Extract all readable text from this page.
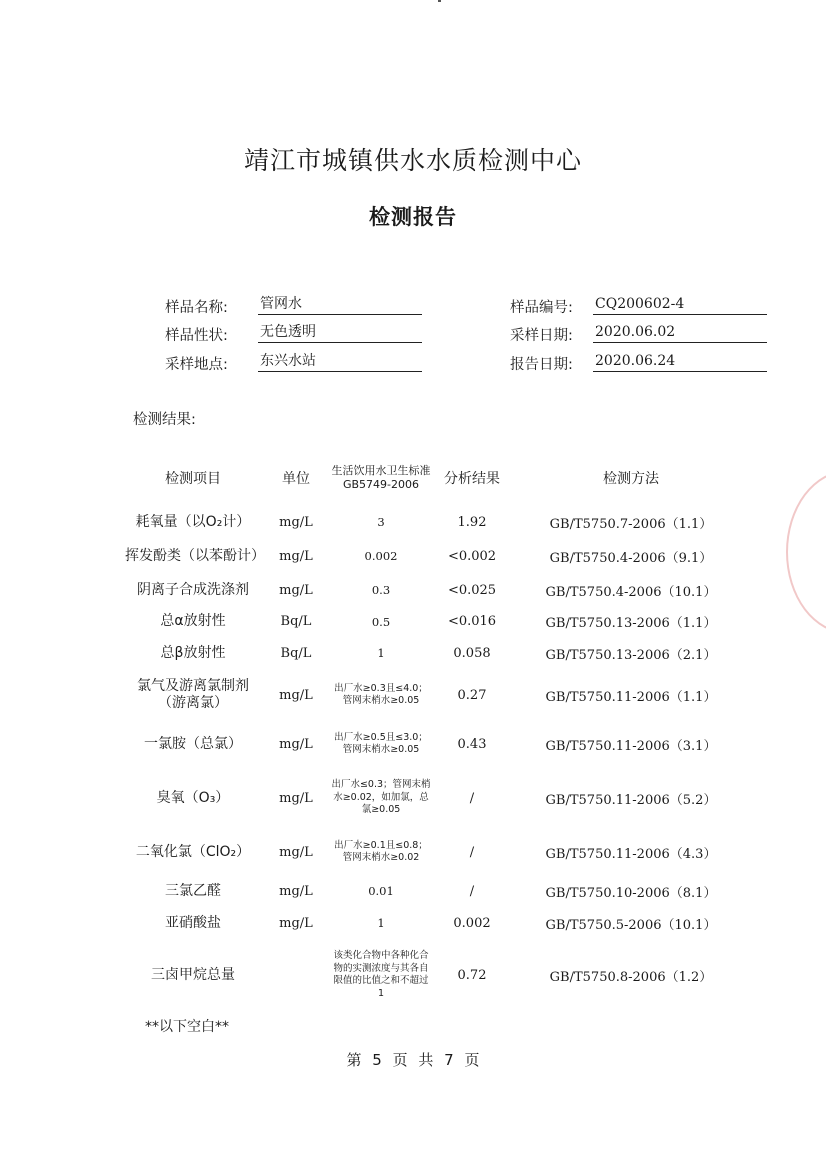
靖江市城镇供水水质检测中心
检测报告
样品名称: 管网水	样品编号: CQ200602-4
样品性状: 无色透明	采样日期: 2020.06.02
采样地点: 东兴水站	报告日期: 2020.06.24
检测结果:
检测项目	单位	生活饮用水卫生标准GB5749-2006	分析结果	检测方法
耗氧量（以O₂计）	mg/L	3	1.92	GB/T5750.7-2006（1.1）
挥发酚类（以苯酚计）	mg/L	0.002	<0.002	GB/T5750.4-2006（9.1）
阴离子合成洗涤剂	mg/L	0.3	<0.025	GB/T5750.4-2006（10.1）
总α放射性	Bq/L	0.5	<0.016	GB/T5750.13-2006（1.1）
总β放射性	Bq/L	1	0.058	GB/T5750.13-2006（2.1）
氯气及游离氯制剂（游离氯）	mg/L	出厂水≥0.3且≤4.0；管网末梢水≥0.05	0.27	GB/T5750.11-2006（1.1）
一氯胺（总氯）	mg/L	出厂水≥0.5且≤3.0；管网末梢水≥0.05	0.43	GB/T5750.11-2006（3.1）
臭氧（O₃）	mg/L	出厂水≤0.3；管网末梢水≥0.02，如加氯，总氯≥0.05	/	GB/T5750.11-2006（5.2）
二氧化氯（ClO₂）	mg/L	出厂水≥0.1且≤0.8；管网末梢水≥0.02	/	GB/T5750.11-2006（4.3）
三氯乙醛	mg/L	0.01	/	GB/T5750.10-2006（8.1）
亚硝酸盐	mg/L	1	0.002	GB/T5750.5-2006（10.1）
三卤甲烷总量		该类化合物中各种化合物的实测浓度与其各自限值的比值之和不超过1	0.72	GB/T5750.8-2006（1.2）
**以下空白**
第 5 页 共 7 页
